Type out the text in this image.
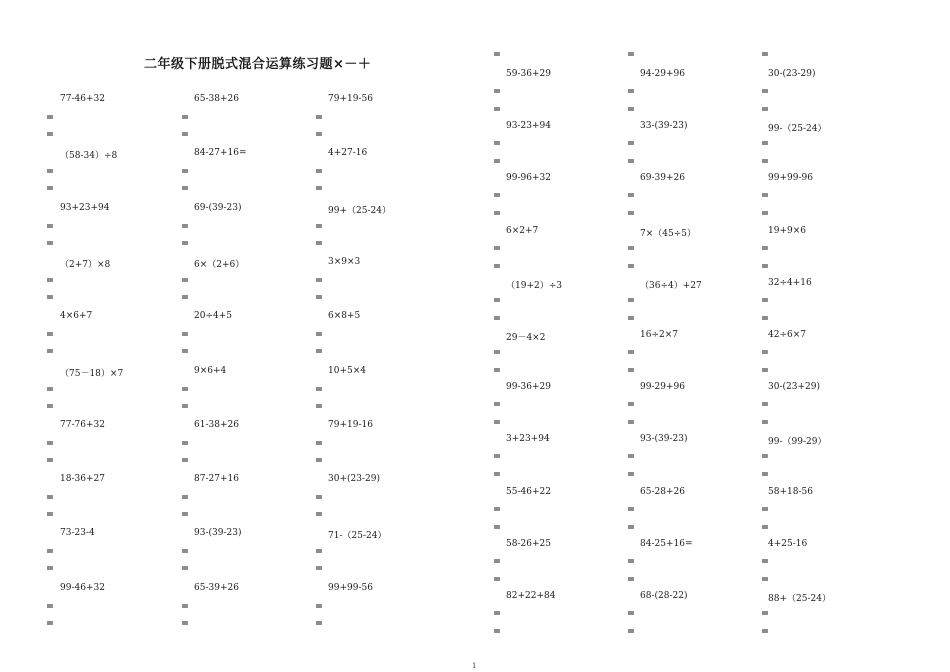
二年级下册脱式混合运算练习题×－＋
77-46+32
=
=
65-38+26
=
=
79+19-56
=
=
（58-34）÷8
=
=
84-27+16=
=
=
4+27-16
=
=
93+23+94
=
=
69-(39-23)
=
=
99+（25-24）
=
=
（2+7）×8
=
=
6×（2+6）
=
=
3×9×3
=
=
4×6+7
=
=
20÷4+5
=
=
6×8+5
=
=
（75－18）×7
=
=
9×6+4
=
=
10+5×4
=
=
77-76+32
=
=
61-38+26
=
=
79+19-16
=
=
18-36+27
=
=
87-27+16
=
=
30+(23-29)
=
=
73-23-4
=
=
93-(39-23)
=
=
71-（25-24）
=
=
99-46+32
=
=
65-39+26
=
=
99+99-56
=
=
=	=	=
59-36+29
=
=
94-29+96
=
=
30-(23-29)
=
=
93-23+94
=
=
33-(39-23)
=
=
99-（25-24）
=
=
99-96+32
=
=
69-39+26
=
=
99+99-96
=
=
6×2+7
=
=
7×（45÷5）
=
=
19+9×6
=
=
（19+2）÷3
=
=
（36÷4）+27
=
=
32÷4+16
=
=
29－4×2
=
=
16÷2×7
=
=
42÷6×7
=
=
99-36+29
=
=
99-29+96
=
=
30-(23+29)
=
=
3+23+94
=
=
93-(39-23)
=
=
99-（99-29）
=
=
55-46+22
=
=
65-28+26
=
=
58+18-56
=
=
58-26+25
=
=
84-25+16=
=
=
4+25-16
=
=
82+22+84
=
=
68-(28-22)
=
=
88+（25-24）
=
=
1
